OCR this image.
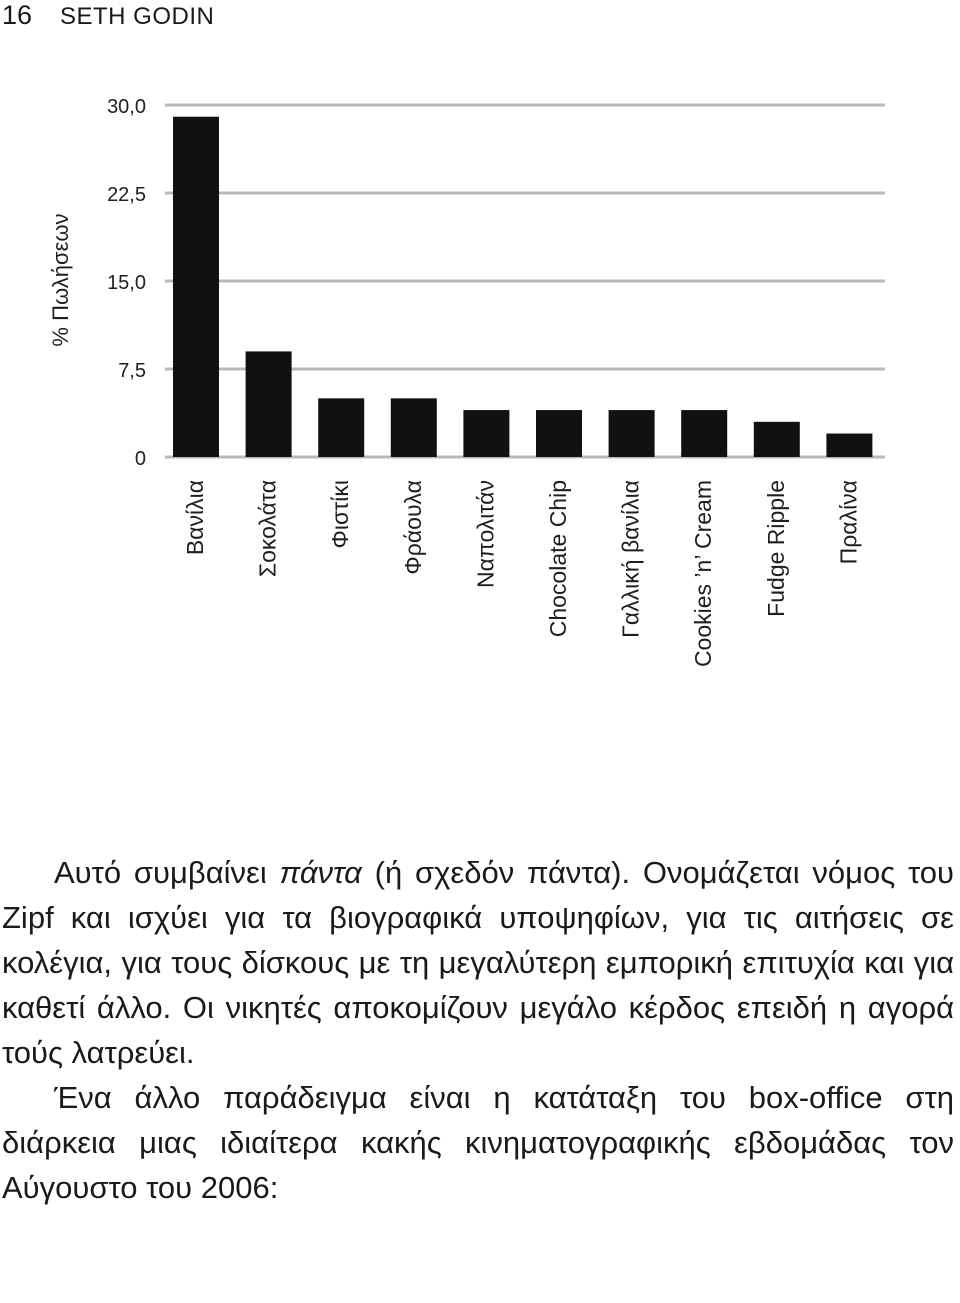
16 SETH GODIN
0
7,5
15,0
22,5
30,0
Βανίλια Σοκολάτα Φιστίκι Φράουλα Ναπολιτάν Chocolate Chip Γαλλική βανίλια Cookies ’n’ Cream Fudge Ripple Πραλίνα
% Πωλήσεων

Αυτό συμβαίνει πάντα (ή σχεδόν πάντα). Ονομάζεται νόμος του Zipf και ισχύει για τα βιογραφικά υποψηφίων, για τις αιτήσεις σε κολέγια, για τους δίσκους με τη μεγαλύτερη εμπορική επιτυχία και για καθετί άλλο. Οι νικητές αποκομίζουν μεγάλο κέρδος επειδή η αγορά τούς λατρεύει.

Ένα άλλο παράδειγμα είναι η κατάταξη του box-office στη διάρκεια μιας ιδιαίτερα κακής κινηματογραφικής εβδομάδας τον Αύγουστο του 2006:
